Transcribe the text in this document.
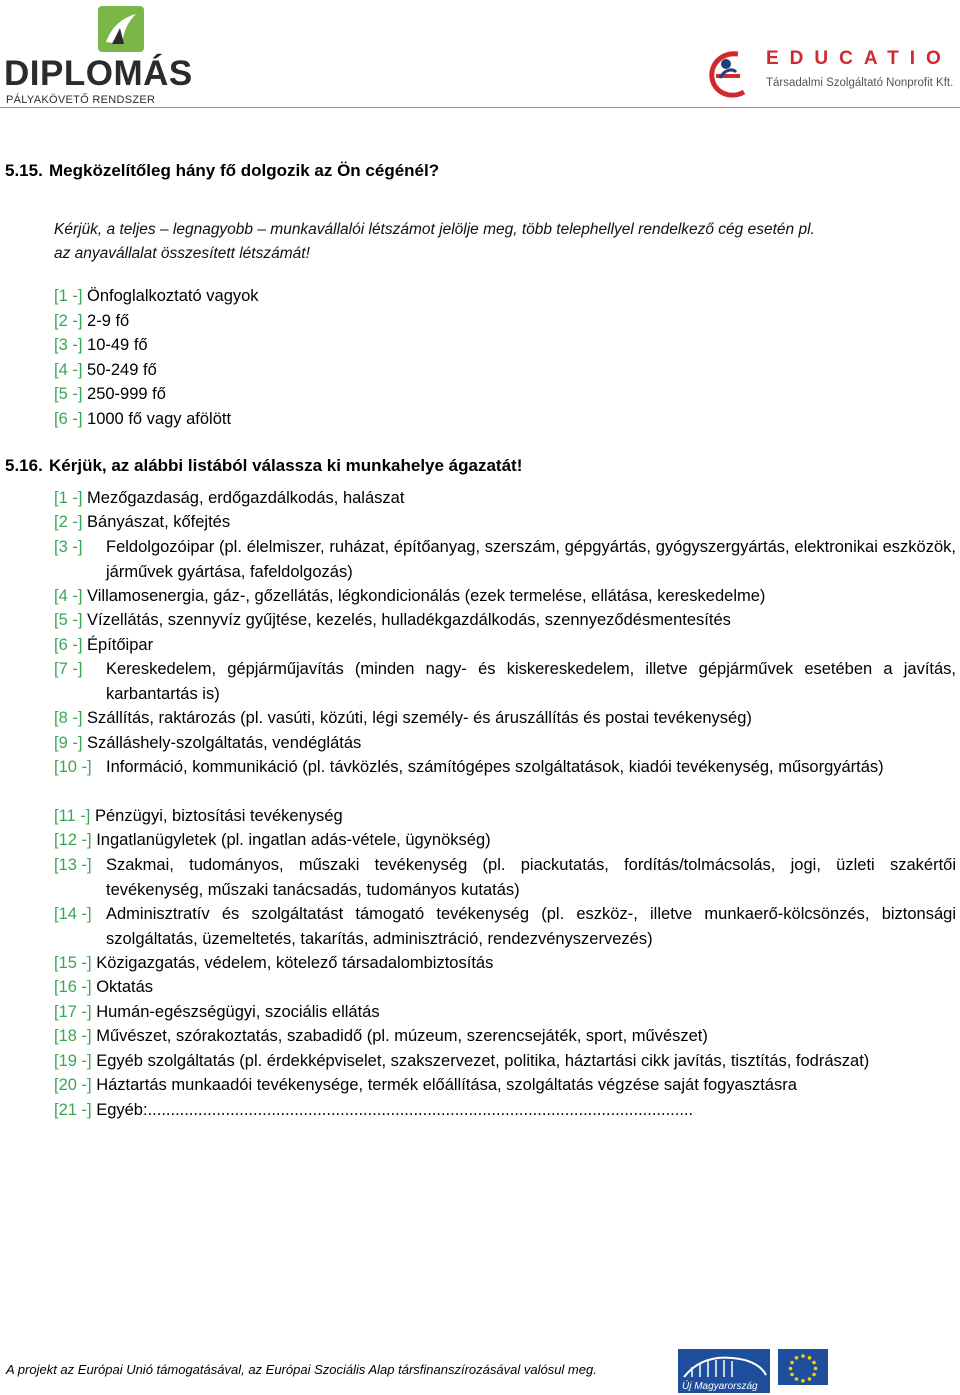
DIPLOMÁS
PÁLYAKÖVETŐ RENDSZER
EDUCATIO
Társadalmi Szolgáltató Nonprofit Kft.
5.15. Megközelítőleg hány fő dolgozik az Ön cégénél?
Kérjük, a teljes – legnagyobb – munkavállalói létszámot jelölje meg, több telephellyel rendelkező cég esetén pl.
az anyavállalat összesített létszámát!
[1 -]
Önfoglalkoztató vagyok
[2 -]
2-9 fő
[3 -]
10-49 fő
[4 -]
50-249 fő
[5 -]
250-999 fő
[6 -]
1000 fő vagy afölött
5.16. Kérjük, az alábbi listából válassza ki munkahelye ágazatát!
[1 -]
Mezőgazdaság, erdőgazdálkodás, halászat
[2 -]
Bányászat, kőfejtés
[3 -]	Feldolgozóipar (pl. élelmiszer, ruházat, építőanyag, szerszám, gépgyártás, gyógyszergyártás, elektronikai eszközök, járművek gyártása, fafeldolgozás)
[4 -]
Villamosenergia, gáz-, gőzellátás, légkondicionálás (ezek termelése, ellátása, kereskedelme)
[5 -]
Vízellátás, szennyvíz gyűjtése, kezelés, hulladékgazdálkodás, szennyeződésmentesítés
[6 -]
Építőipar
[7 -]	Kereskedelem, gépjárműjavítás (minden nagy- és kiskereskedelem, illetve gépjárművek esetében a javítás, karbantartás is)
[8 -]
Szállítás, raktározás (pl. vasúti, közúti, légi személy- és áruszállítás és postai tevékenység)
[9 -]
Szálláshely-szolgáltatás, vendéglátás
[10 -] Információ, kommunikáció (pl. távközlés, számítógépes szolgáltatások, kiadói tevékenység, műsorgyártás)
[11 -]
Pénzügyi, biztosítási tevékenység
[12 -]
Ingatlanügyletek (pl. ingatlan adás-vétele, ügynökség)
[13 -] Szakmai, tudományos, műszaki tevékenység (pl. piackutatás, fordítás/tolmácsolás, jogi, üzleti szakértői tevékenység, műszaki tanácsadás, tudományos kutatás)
[14 -] Adminisztratív és szolgáltatást támogató tevékenység (pl. eszköz-, illetve munkaerő-kölcsönzés, biztonsági szolgáltatás, üzemeltetés, takarítás, adminisztráció, rendezvényszervezés)
[15 -]
Közigazgatás, védelem, kötelező társadalombiztosítás
[16 -]
Oktatás
[17 -]
Humán-egészségügyi, szociális ellátás
[18 -]
Művészet, szórakoztatás, szabadidő (pl. múzeum, szerencsejáték, sport, művészet)
[19 -]
Egyéb szolgáltatás (pl. érdekképviselet, szakszervezet, politika, háztartási cikk javítás, tisztítás, fodrászat)
[20 -]
Háztartás munkaadói tevékenysége, termék előállítása, szolgáltatás végzése saját fogyasztásra
[21 -]
Egyéb:.......................................................................................................................
A projekt az Európai Unió támogatásával, az Európai Szociális Alap társfinanszírozásával valósul meg.
Új Magyarország
